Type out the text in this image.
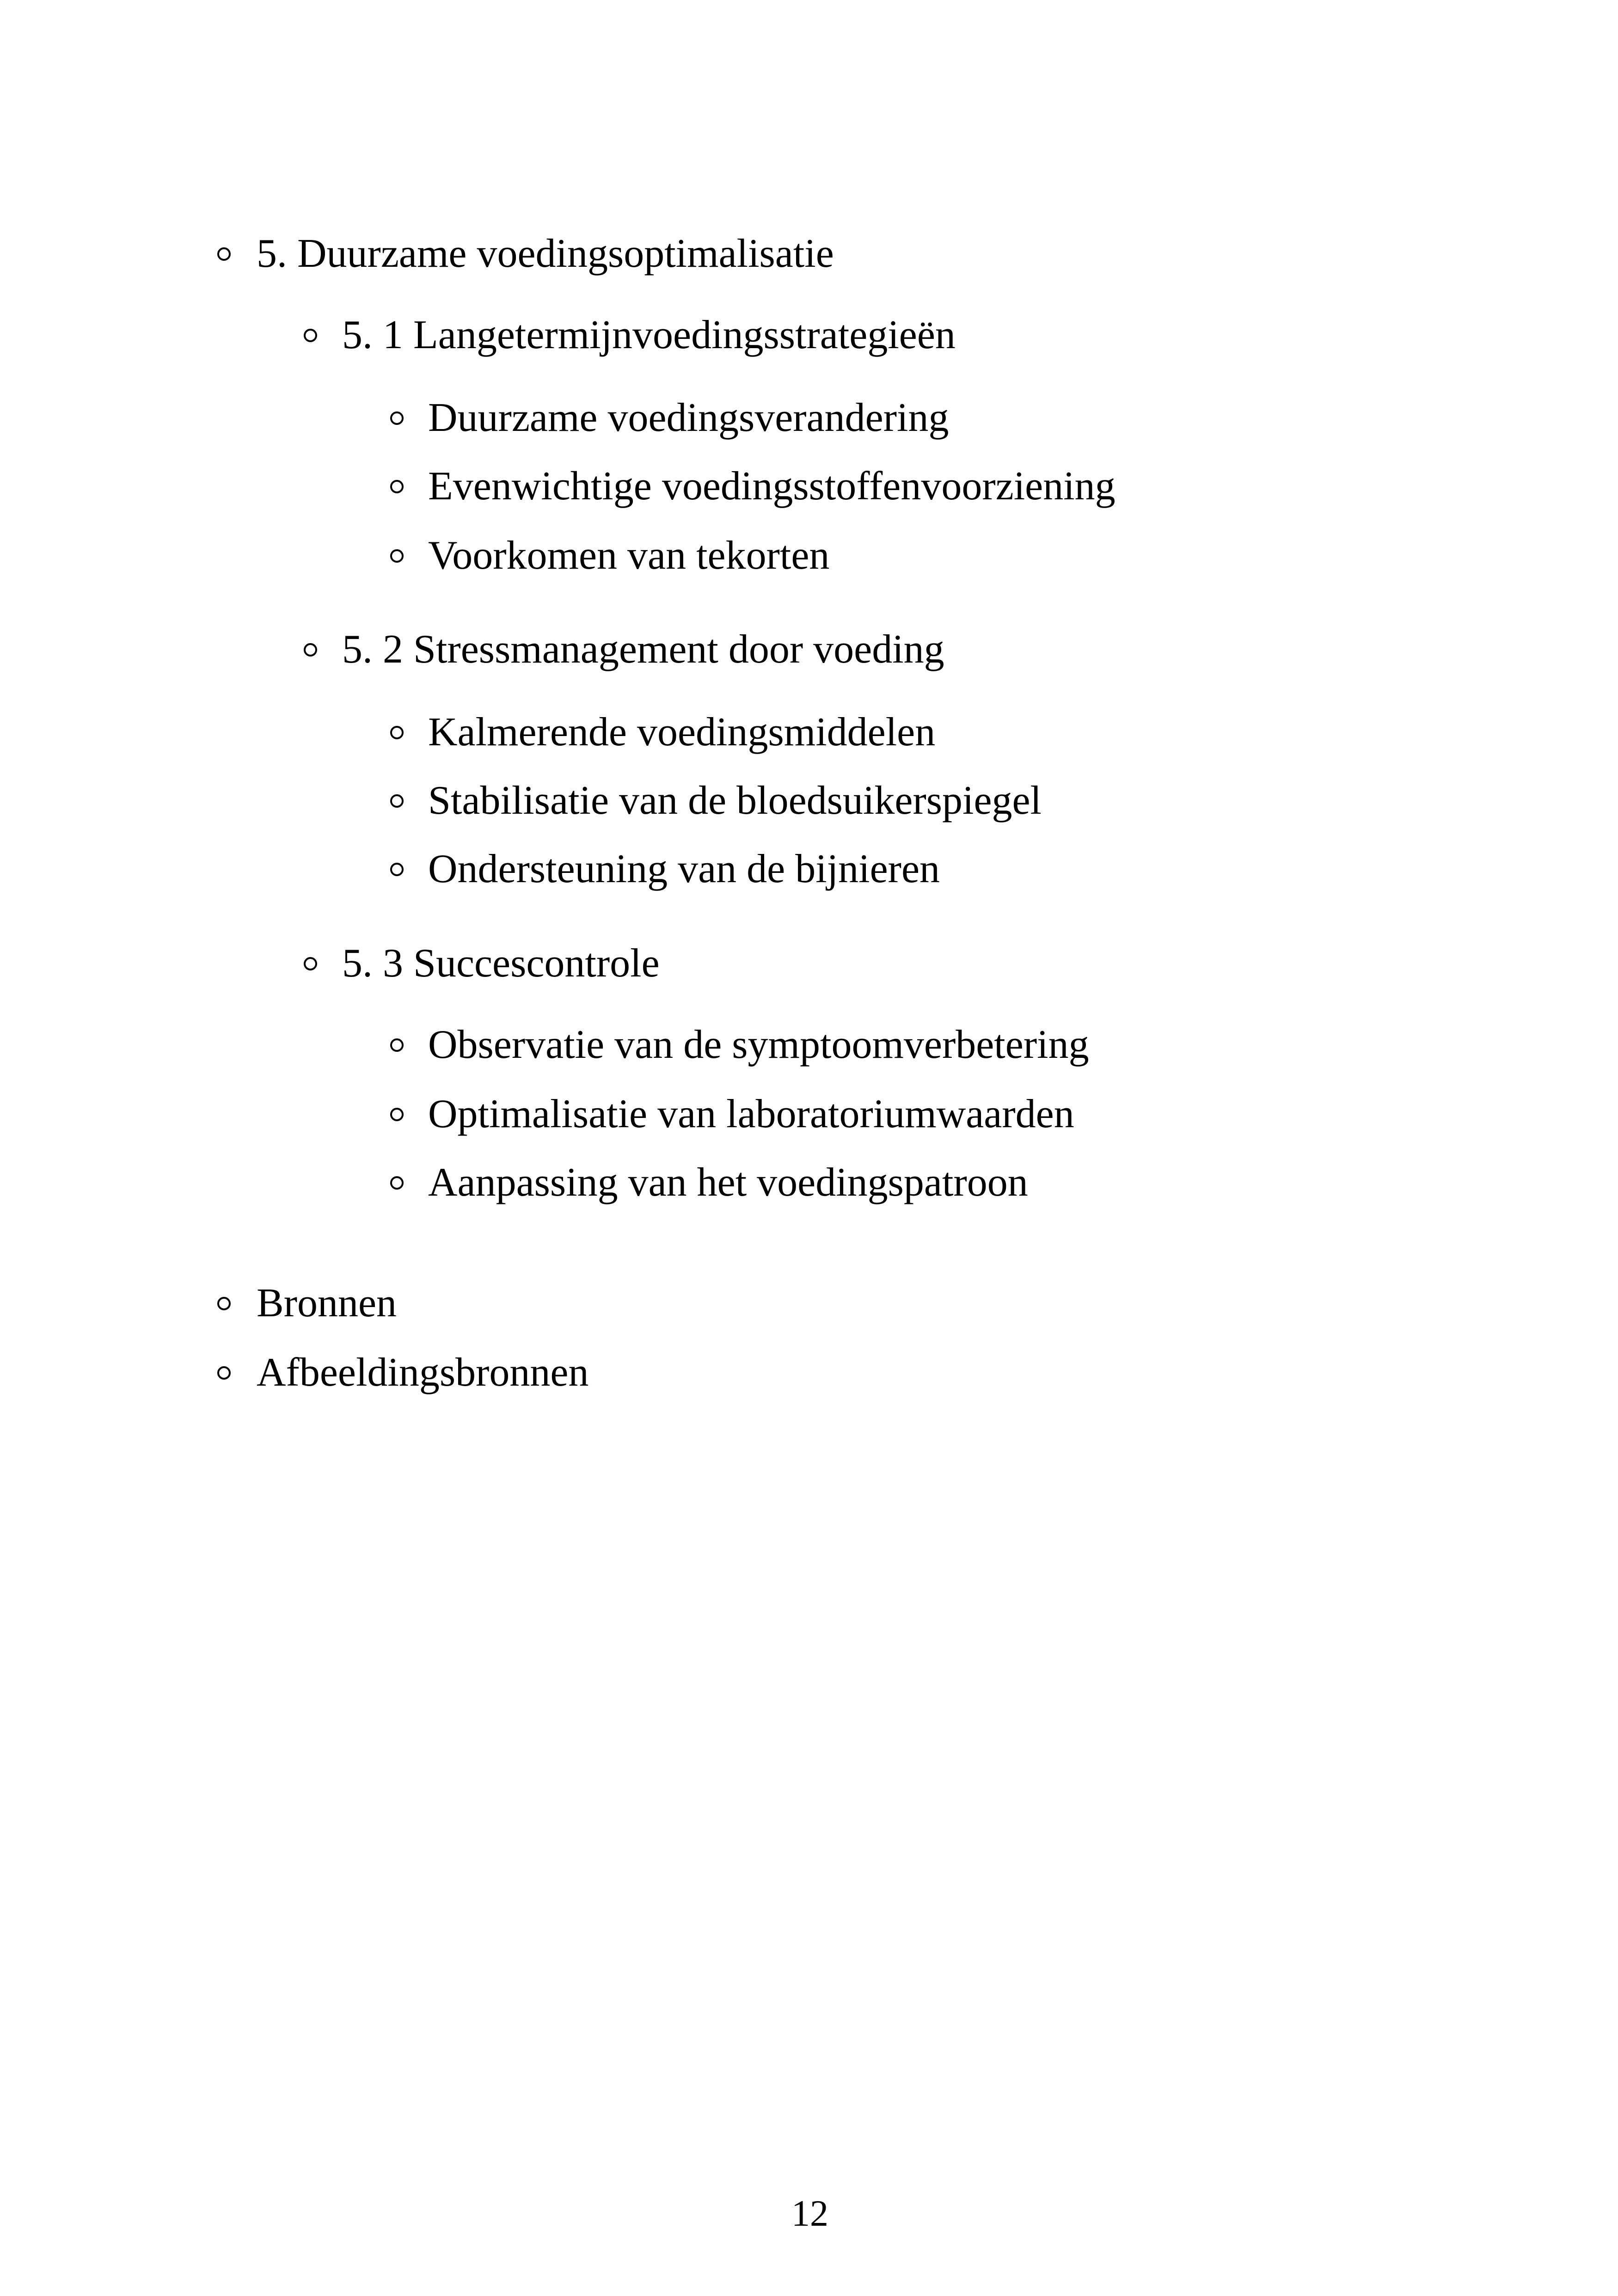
5. Duurzame voedingsoptimalisatie
5. 1 Langetermijnvoedingsstrategieën
Duurzame voedingsverandering
Evenwichtige voedingsstoffenvoorziening
Voorkomen van tekorten
5. 2 Stressmanagement door voeding
Kalmerende voedingsmiddelen
Stabilisatie van de bloedsuikerspiegel
Ondersteuning van de bijnieren
5. 3 Succescontrole
Observatie van de symptoomverbetering
Optimalisatie van laboratoriumwaarden
Aanpassing van het voedingspatroon
Bronnen
Afbeeldingsbronnen
12
